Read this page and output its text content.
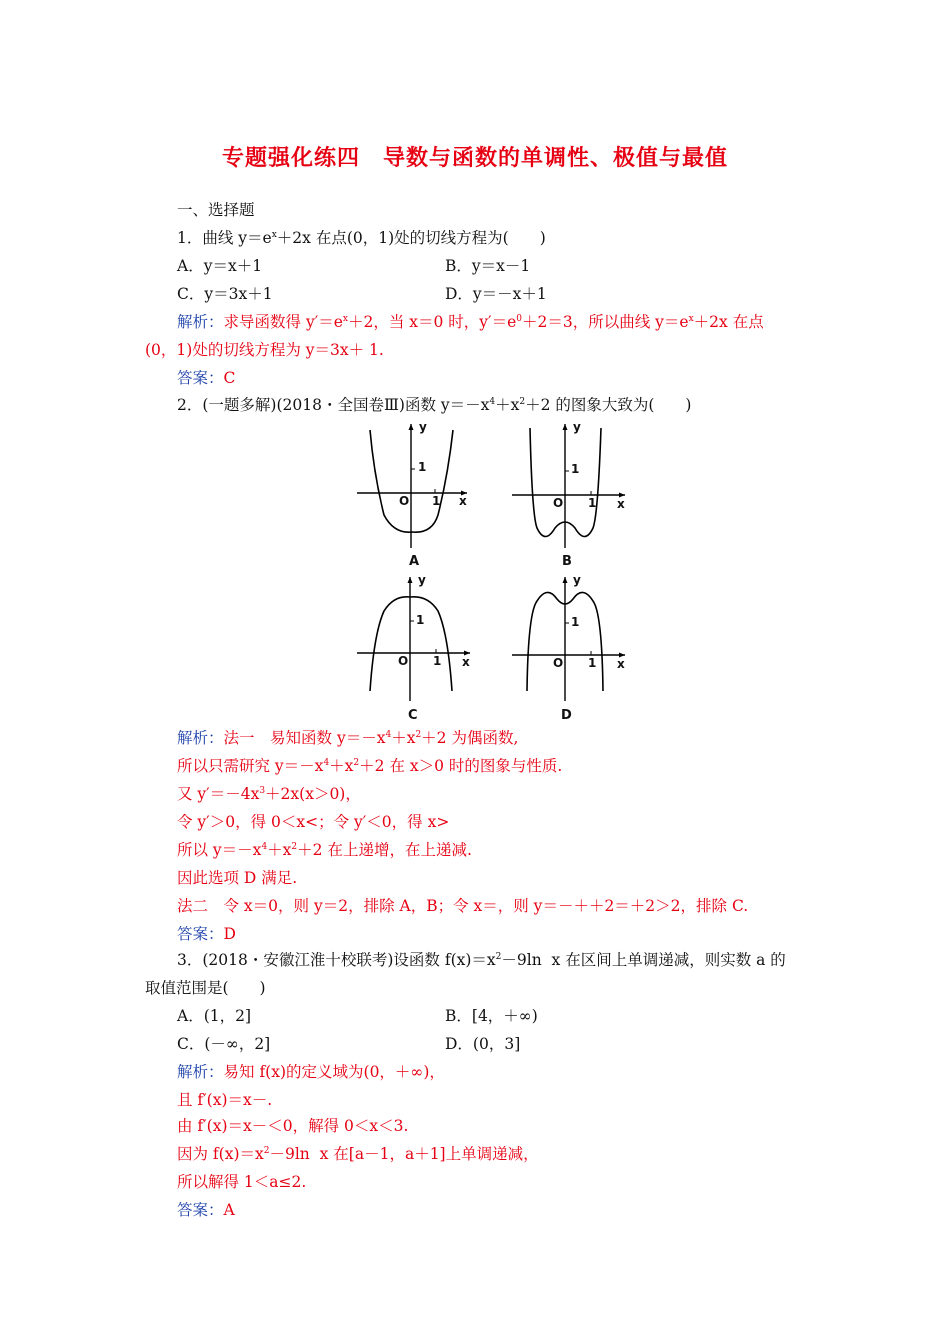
专题强化练四　导数与函数的单调性、极值与最值
一、选择题
1．曲线 $y=e^x+2x$ 在点(0，1)处的切线方程为(　　)
A．y＝x＋1	B．y＝x－1
C．y＝3x＋1	D．y＝－x＋1
解析：求导函数得 $y'=e^x+2$，当 x＝0 时，$y'=e^0+2=3$，所以曲线 $y=e^x+2x$ 在点
(0，1)处的切线方程为 y＝3x＋ 1.
答案：C
2．(一题多解)(2018・全国卷Ⅲ)函数 $y=-x^4+x^2+2$ 的图象大致为(　　)
y
x
O
1
1
A
y
x
O
1
1
B
y
x
O
1
1
C
y
x
O
1
1
D
解析：法一　易知函数 $y=-x^4+x^2+2$ 为偶函数,
所以只需研究 $y=-x^4+x^2+2$ 在 x＞0 时的图象与性质.
又 $y'=-4x^3+2x(x>0)$，
令 y′＞0，得 0＜x<；令 y′＜0，得 x>
所以 $y=-x^4+x^2+2$ 在上递增，在上递减.
因此选项 D 满足.
法二　令 x＝0，则 y＝2，排除 A，B；令 x＝，则 y＝－＋＋2＝＋2＞2，排除 C.
答案：D
3．(2018・安徽江淮十校联考)设函数 $f(x)=x^2-9\ln$  x 在区间上单调递减，则实数 a 的
取值范围是(　　)
A．(1，2]	B．[4，＋∞)
C．(－∞，2]	D．(0，3]
解析：易知 f(x)的定义域为(0，＋∞)，
且 f′(x)＝x－.
由 f′(x)＝x－＜0，解得 0＜x＜3.
因为 $f(x)=x^2-9\ln$  x 在[a－1，a＋1]上单调递减，
所以解得 1＜a≤2.
答案：A
